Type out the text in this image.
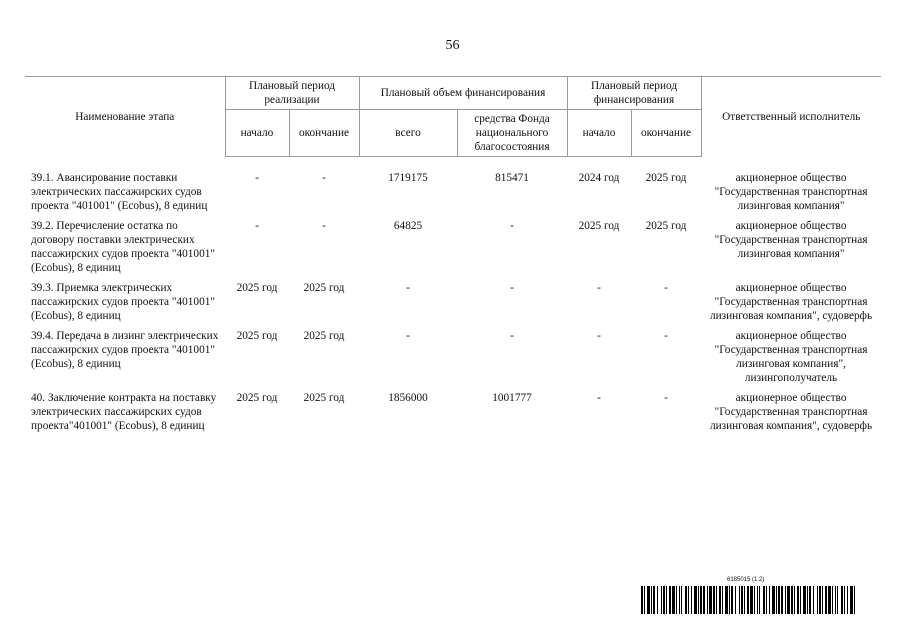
56
Наименование этапа	Плановый период реализации		Плановый объем финансирования		Плановый период финансирования		Ответственный исполнитель
	начало	окончание	всего	средства Фонда национального благосостояния	начало	окончание	
39.1. Авансирование поставки электрических пассажирских судов проекта "401001" (Ecobus), 8 единиц	-	-	1719175	815471	2024 год	2025 год	акционерное общество "Государственная транспортная лизинговая компания"
39.2. Перечисление остатка по договору поставки электрических пассажирских судов проекта "401001" (Ecobus), 8 единиц	-	-	64825	-	2025 год	2025 год	акционерное общество "Государственная транспортная лизинговая компания"
39.3. Приемка электрических пассажирских судов проекта "401001" (Ecobus), 8 единиц	2025 год	2025 год	-	-	-	-	акционерное общество "Государственная транспортная лизинговая компания", судоверфь
39.4. Передача в лизинг электрических пассажирских судов проекта "401001" (Ecobus), 8 единиц	2025 год	2025 год	-	-	-	-	акционерное общество "Государственная транспортная лизинговая компания", лизингополучатель
40. Заключение контракта на поставку электрических пассажирских судов проекта"401001" (Ecobus), 8 единиц	2025 год	2025 год	1856000	1001777	-	-	акционерное общество "Государственная транспортная лизинговая компания", судоверфь
6185015 (1.2)
